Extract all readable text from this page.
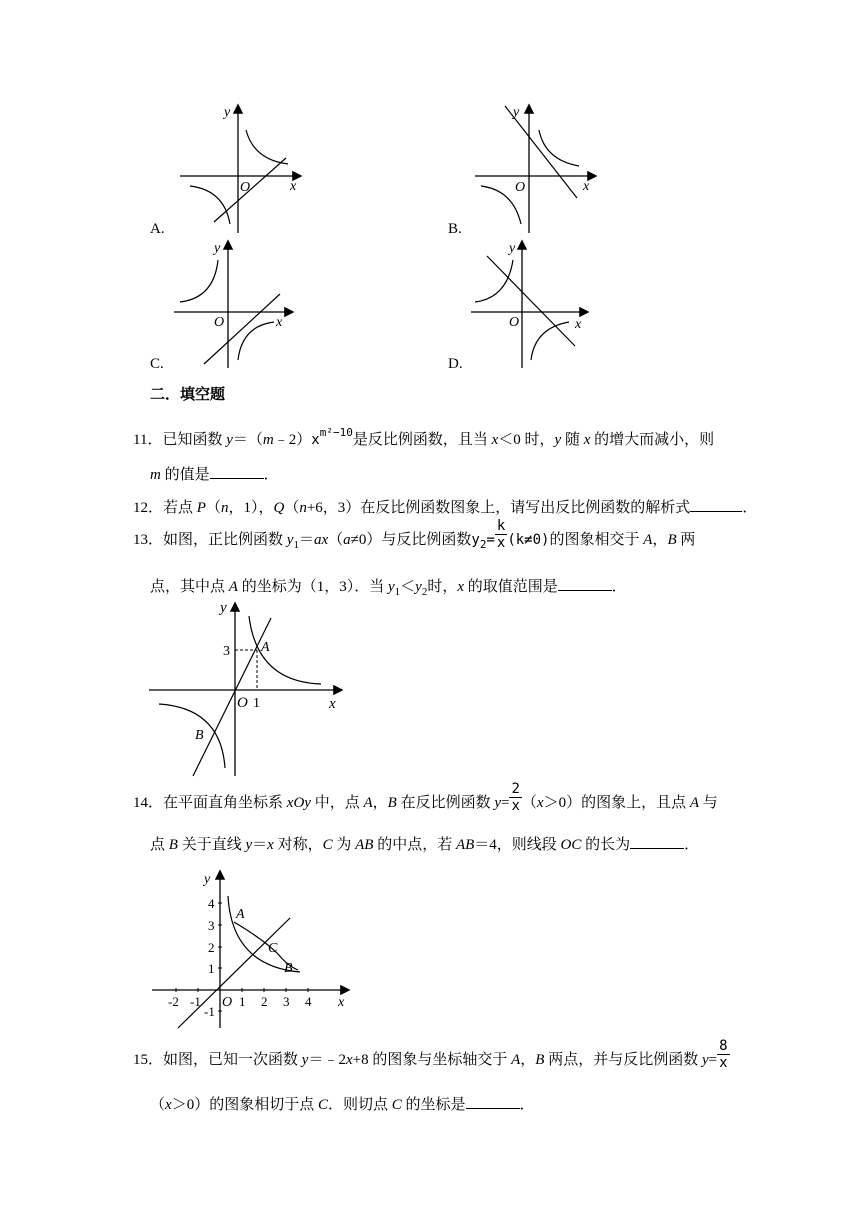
y
x
O
A.
y
x
O
B.
y
x
O
C.
y
x
O
D.
二．填空题
11．已知函数 $y=(m﹣2)x^{m^2-10}$是反比例函数，且当 x＜0 时，y 随 x 的增大而减小，则
m 的值是	．
12．若点 P（n，1），Q（n+6，3）在反比例函数图象上，请写出反比例函数的解析式	．
13．如图，正比例函数 $y_1=ax(a\ne 0)$与反比例函数$y_2= \frac{k}{x} (k\ne 0)$的图象相交于 A，B 两
点，其中点 A 的坐标为（1，3）．当 $y_1<y_2$时，x 的取值范围是	．
y
x
O 1
3 A
B
14．在平面直角坐标系 xOy 中，点 A，B 在反比例函数 $y= \frac{2}{x} (x>0)$的图象上，且点 A 与
点 B 关于直线 y＝x 对称，C 为 AB 的中点，若 AB＝4，则线段 OC 的长为	．
y
x
O
-2 -1	1 2 3 4
4
3
2
1
-1
A
C
B
15．如图，已知一次函数 y＝﹣2x+8 的图象与坐标轴交于 A，B 两点，并与反比例函数 $y= \frac{8}{x}$
（x＞0）的图象相切于点 C．则切点 C 的坐标是	．
